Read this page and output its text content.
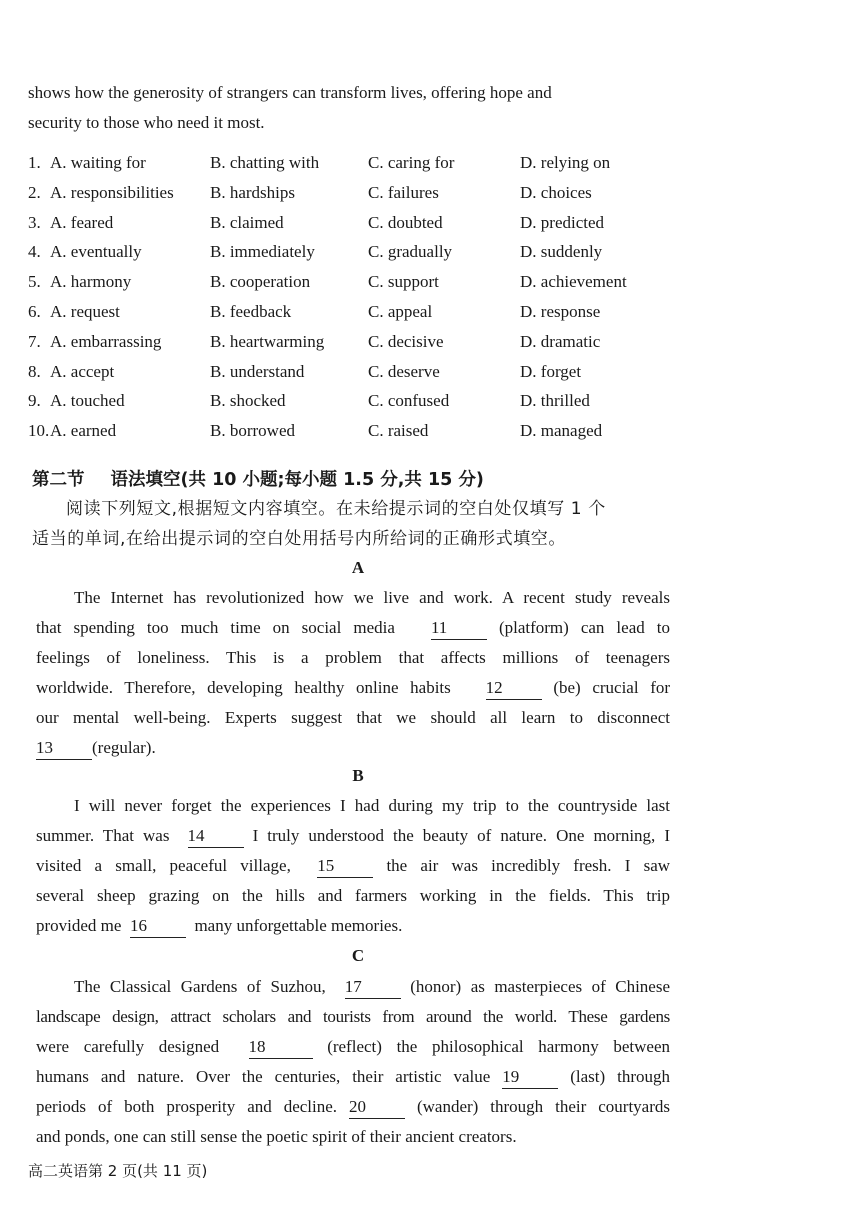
shows how the generosity of strangers can transform lives, offering hope and
security to those who need it most.
1. A. waiting for	B. chatting with	C. caring for	D. relying on
2. A. responsibilities B. hardships	C. failures	D. choices
3. A. feared	B. claimed	C. doubted	D. predicted
4. A. eventually	B. immediately	C. gradually	D. suddenly
5. A. harmony	B. cooperation	C. support	D. achievement
6. A. request	B. feedback	C. appeal	D. response
7. A. embarrassing	B. heartwarming	C. decisive	D. dramatic
8. A. accept	B. understand	C. deserve	D. forget
9. A. touched	B. shocked	C. confused	D. thrilled
10. A. earned	B. borrowed	C. raised	D. managed
第二节 语法填空(共 10 小题;每小题 1.5 分,共 15 分)
阅读下列短文,根据短文内容填空。在未给提示词的空白处仅填写 1 个
适当的单词,在给出提示词的空白处用括号内所给词的正确形式填空。
A
The Internet has revolutionized how we live and work. A recent study reveals
that spending too much time on social media 11	(platform) can lead to
feelings of loneliness. This is a problem that affects millions of teenagers
worldwide. Therefore, developing healthy online habits 12	(be) crucial for
our mental well-being. Experts suggest that we should all learn to disconnect
13 (regular).
B
I will never forget the experiences I had during my trip to the countryside last
summer. That was 14	I truly understood the beauty of nature. One morning, I
visited a small, peaceful village, 15	the air was incredibly fresh. I saw
several sheep grazing on the hills and farmers working in the fields. This trip
provided me 16	many unforgettable memories.
C
The Classical Gardens of Suzhou, 17	(honor) as masterpieces of Chinese
landscape design, attract scholars and tourists from around the world. These gardens
were carefully designed 18	(reflect) the philosophical harmony between
humans and nature. Over the centuries, their artistic value 19	(last) through
periods of both prosperity and decline. 20	(wander) through their courtyards
and ponds, one can still sense the poetic spirit of their ancient creators.
高二英语第 2 页(共 11 页)
